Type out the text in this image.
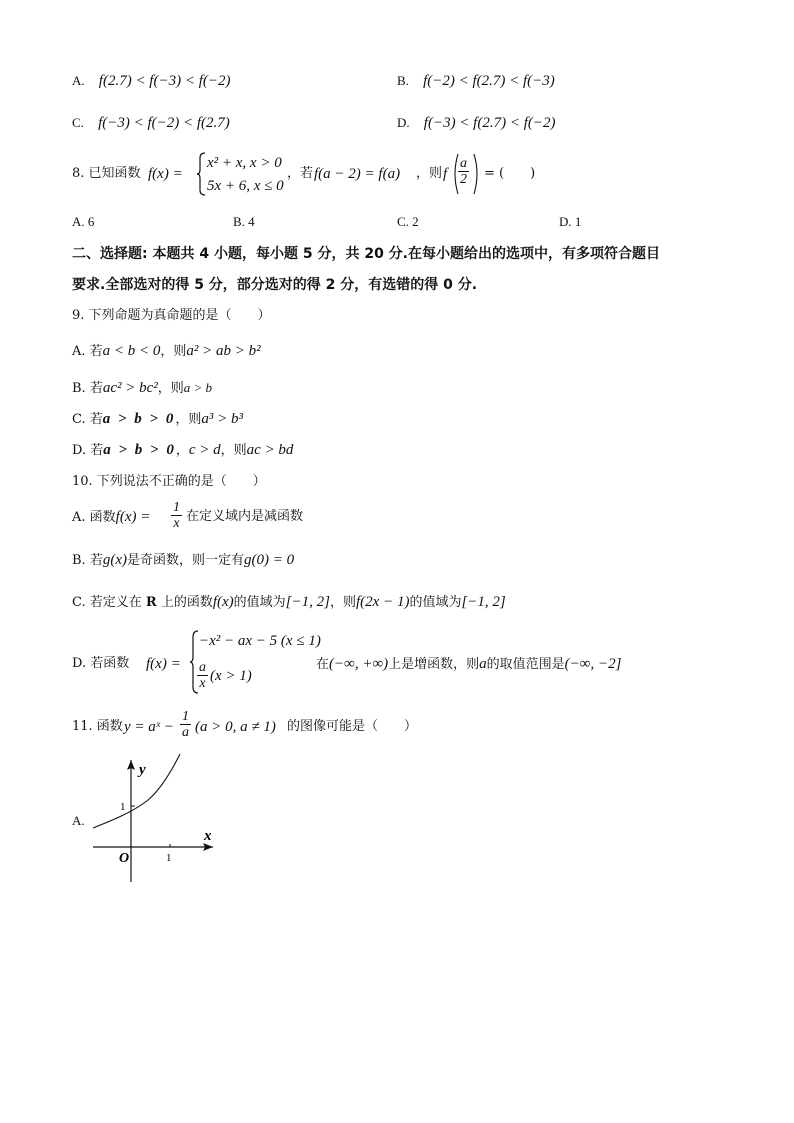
A. f(2.7) < f(−3) < f(−2)	B. f(−2) < f(2.7) < f(−3)
C. f(−3) < f(−2) < f(2.7)	D. f(−3) < f(2.7) < f(−2)
8. 已知函数 f(x) =
x² + x, x > 0
5x + 6, x ≤ 0
，若 f(a − 2) = f(a) ，则 f $\frac{a}{2}$ = (　　)
A. 6	B. 4	C. 2	D. 1
二、选择题: 本题共 4 小题，每小题 5 分，共 20 分.在每小题给出的选项中，有多项符合题目
要求.全部选对的得 5 分，部分选对的得 2 分，有选错的得 0 分.
9. 下列命题为真命题的是（　　）
A. 若a < b < 0，则a² > ab > b²
B. 若ac² > bc²，则a > b
C. 若a > b > 0，则a³ > b³
D. 若a > b > 0，c > d，则ac > bd
10. 下列说法不正确的是（　　）
A. 函数$f(x) = \frac{1}{x}$ 在定义域内是减函数
B. 若g(x)是奇函数，则一定有g(0) = 0
C. 若定义在 R 上的函数f(x)的值域为[−1, 2]，则f(2x − 1)的值域为[−1, 2]
D. 若函数 f(x) =
−x² − ax − 5 (x ≤ 1)
$\frac{a}{x} (x > 1)$
在(−∞, +∞)上是增函数，则a的取值范围是(−∞, −2]
11. 函数 y = aˣ − $\frac{1}{a} (a > 0$, a ≠ 1) 的图像可能是（　　）
A.
y
x
O	1
1
